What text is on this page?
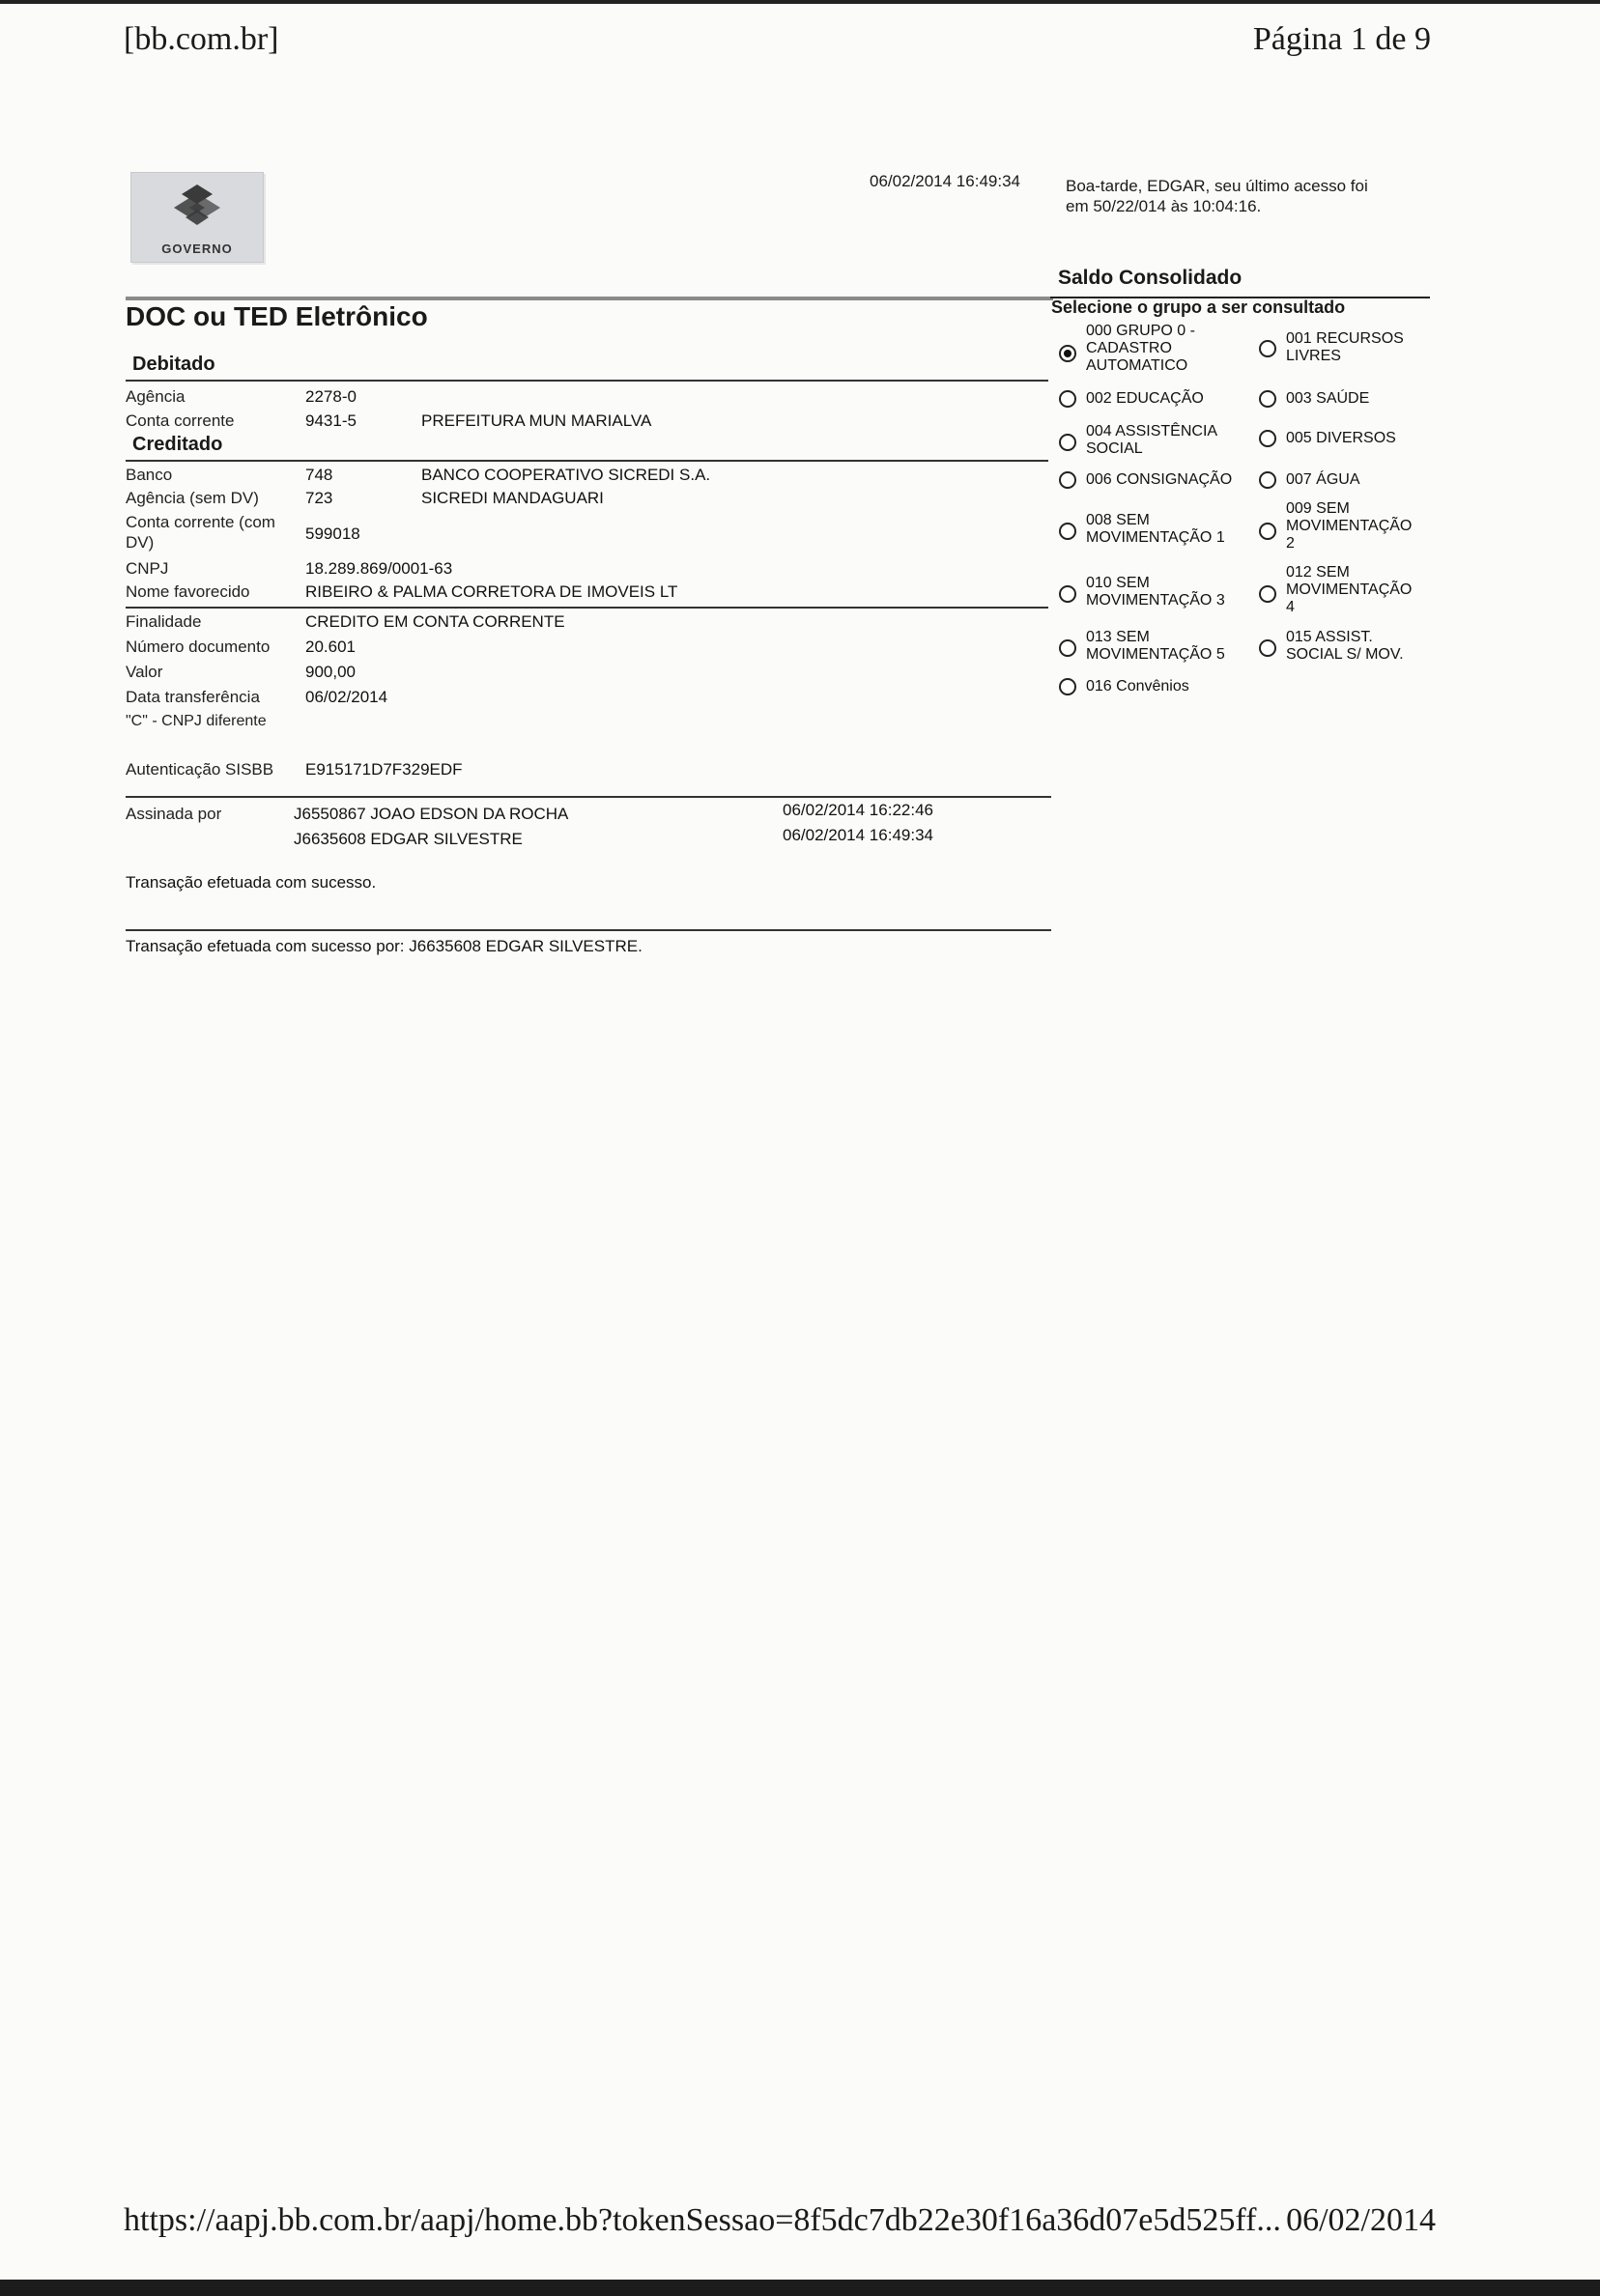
[bb.com.br]	Página 1 de 9
GOVERNO
06/02/2014 16:49:34	Boa-tarde, EDGAR, seu último acesso foi
em 50/22/014 às 10:04:16.
DOC ou TED Eletrônico
Debitado
Agência	2278-0
Conta corrente	9431-5	PREFEITURA MUN MARIALVA
Creditado
Banco	748	BANCO COOPERATIVO SICREDI S.A.
Agência (sem DV)	723	SICREDI MANDAGUARI
Conta corrente (com
DV)	599018
CNPJ	18.289.869/0001-63
Nome favorecido	RIBEIRO & PALMA CORRETORA DE IMOVEIS LT
Finalidade	CREDITO EM CONTA CORRENTE
Número documento 20.601
Valor	900,00
Data transferência	06/02/2014
"C" - CNPJ diferente
Autenticação SISBB E915171D7F329EDF
Assinada por	J6550867 JOAO EDSON DA ROCHA	06/02/2014 16:22:46
J6635608 EDGAR SILVESTRE	06/02/2014 16:49:34
Transação efetuada com sucesso.
Transação efetuada com sucesso por: J6635608 EDGAR SILVESTRE.
Saldo Consolidado
Selecione o grupo a ser consultado
000 GRUPO 0 -
CADASTRO
AUTOMATICO
001 RECURSOS
LIVRES
002 EDUCAÇÃO	003 SAÚDE
004 ASSISTÊNCIA
SOCIAL
005 DIVERSOS
006 CONSIGNAÇÃO	007 ÁGUA
008 SEM
MOVIMENTAÇÃO 1
009 SEM
MOVIMENTAÇÃO
2
010 SEM
MOVIMENTAÇÃO 3
012 SEM
MOVIMENTAÇÃO
4
013 SEM
MOVIMENTAÇÃO 5
015 ASSIST.
SOCIAL S/ MOV.
016 Convênios
https://aapj.bb.com.br/aapj/home.bb?tokenSessao=8f5dc7db22e30f16a36d07e5d525ff... 06/02/2014
